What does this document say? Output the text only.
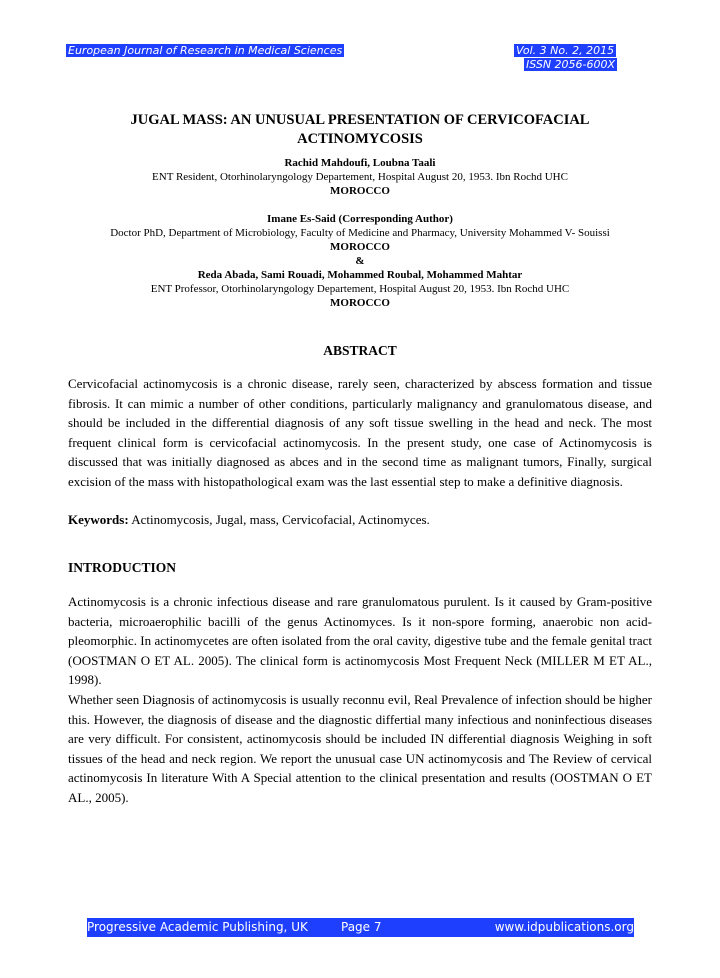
European Journal of Research in Medical Sciences	Vol. 3 No. 2, 2015
ISSN 2056-600X
JUGAL MASS: AN UNUSUAL PRESENTATION OF CERVICOFACIAL
ACTINOMYCOSIS
Rachid Mahdoufi, Loubna Taali
ENT Resident, Otorhinolaryngology Departement, Hospital August 20, 1953. Ibn Rochd UHC
MOROCCO
Imane Es-Said (Corresponding Author)
Doctor PhD, Department of Microbiology, Faculty of Medicine and Pharmacy, University Mohammed V- Souissi
MOROCCO
&
Reda Abada, Sami Rouadi, Mohammed Roubal, Mohammed Mahtar
ENT Professor, Otorhinolaryngology Departement, Hospital August 20, 1953. Ibn Rochd UHC
MOROCCO
ABSTRACT

Cervicofacial actinomycosis is a chronic disease, rarely seen, characterized by abscess formation and tissue fibrosis. It can mimic a number of other conditions, particularly malignancy and granulomatous disease, and should be included in the differential diagnosis of any soft tissue swelling in the head and neck. The most frequent clinical form is cervicofacial actinomycosis. In the present study, one case of Actinomycosis is discussed that was initially diagnosed as abces and in the second time as malignant tumors, Finally, surgical excision of the mass with histopathological exam was the last essential step to make a definitive diagnosis.

Keywords: Actinomycosis, Jugal, mass, Cervicofacial, Actinomyces.

INTRODUCTION

Actinomycosis is a chronic infectious disease and rare granulomatous purulent. Is it caused by Gram-positive bacteria, microaerophilic bacilli of the genus Actinomyces. Is it non-spore forming, anaerobic non acid-pleomorphic. In actinomycetes are often isolated from the oral cavity, digestive tube and the female genital tract (OOSTMAN O ET AL. 2005). The clinical form is actinomycosis Most Frequent Neck (MILLER M ET AL., 1998).

Whether seen Diagnosis of actinomycosis is usually reconnu evil, Real Prevalence of infection should be higher this. However, the diagnosis of disease and the diagnostic differtial many infectious and noninfectious diseases are very difficult. For consistent, actinomycosis should be included IN differential diagnosis Weighing in soft tissues of the head and neck region. We report the unusual case UN actinomycosis and The Review of cervical actinomycosis In literature With A Special attention to the clinical presentation and results (OOSTMAN O ET AL., 2005).

Progressive Academic Publishing, UK	Page 7	www.idpublications.org
